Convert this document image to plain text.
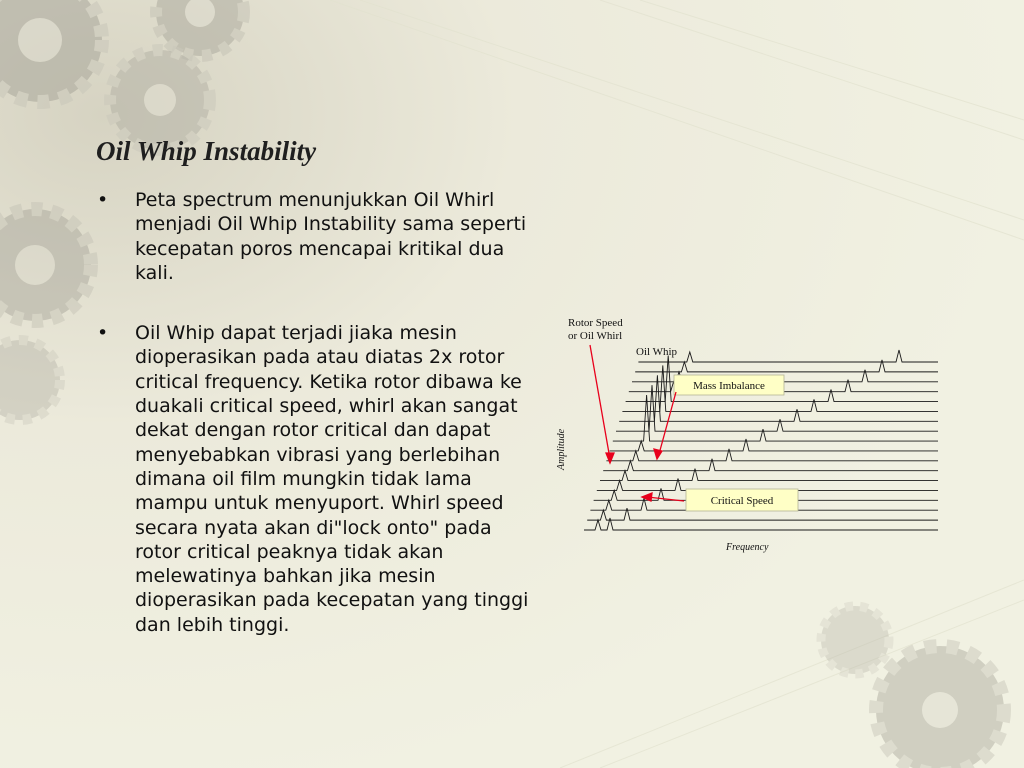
Oil Whip Instability
• Peta spectrum menunjukkan Oil Whirl menjadi Oil Whip Instability sama seperti kecepatan poros mencapai kritikal dua kali.
• Oil Whip dapat terjadi jiaka mesin dioperasikan pada atau diatas 2x rotor critical frequency. Ketika rotor dibawa ke duakali critical speed, whirl akan sangat dekat dengan rotor critical dan dapat menyebabkan vibrasi yang berlebihan dimana oil film mungkin tidak lama mampu untuk menyuport. Whirl speed secara nyata akan di"lock onto" pada rotor critical peaknya tidak akan melewatinya bahkan jika mesin dioperasikan pada kecepatan yang tinggi dan lebih tinggi.
Rotor Speed
or Oil Whirl
Oil Whip
Mass Imbalance
Critical Speed
Amplitude
Frequency
